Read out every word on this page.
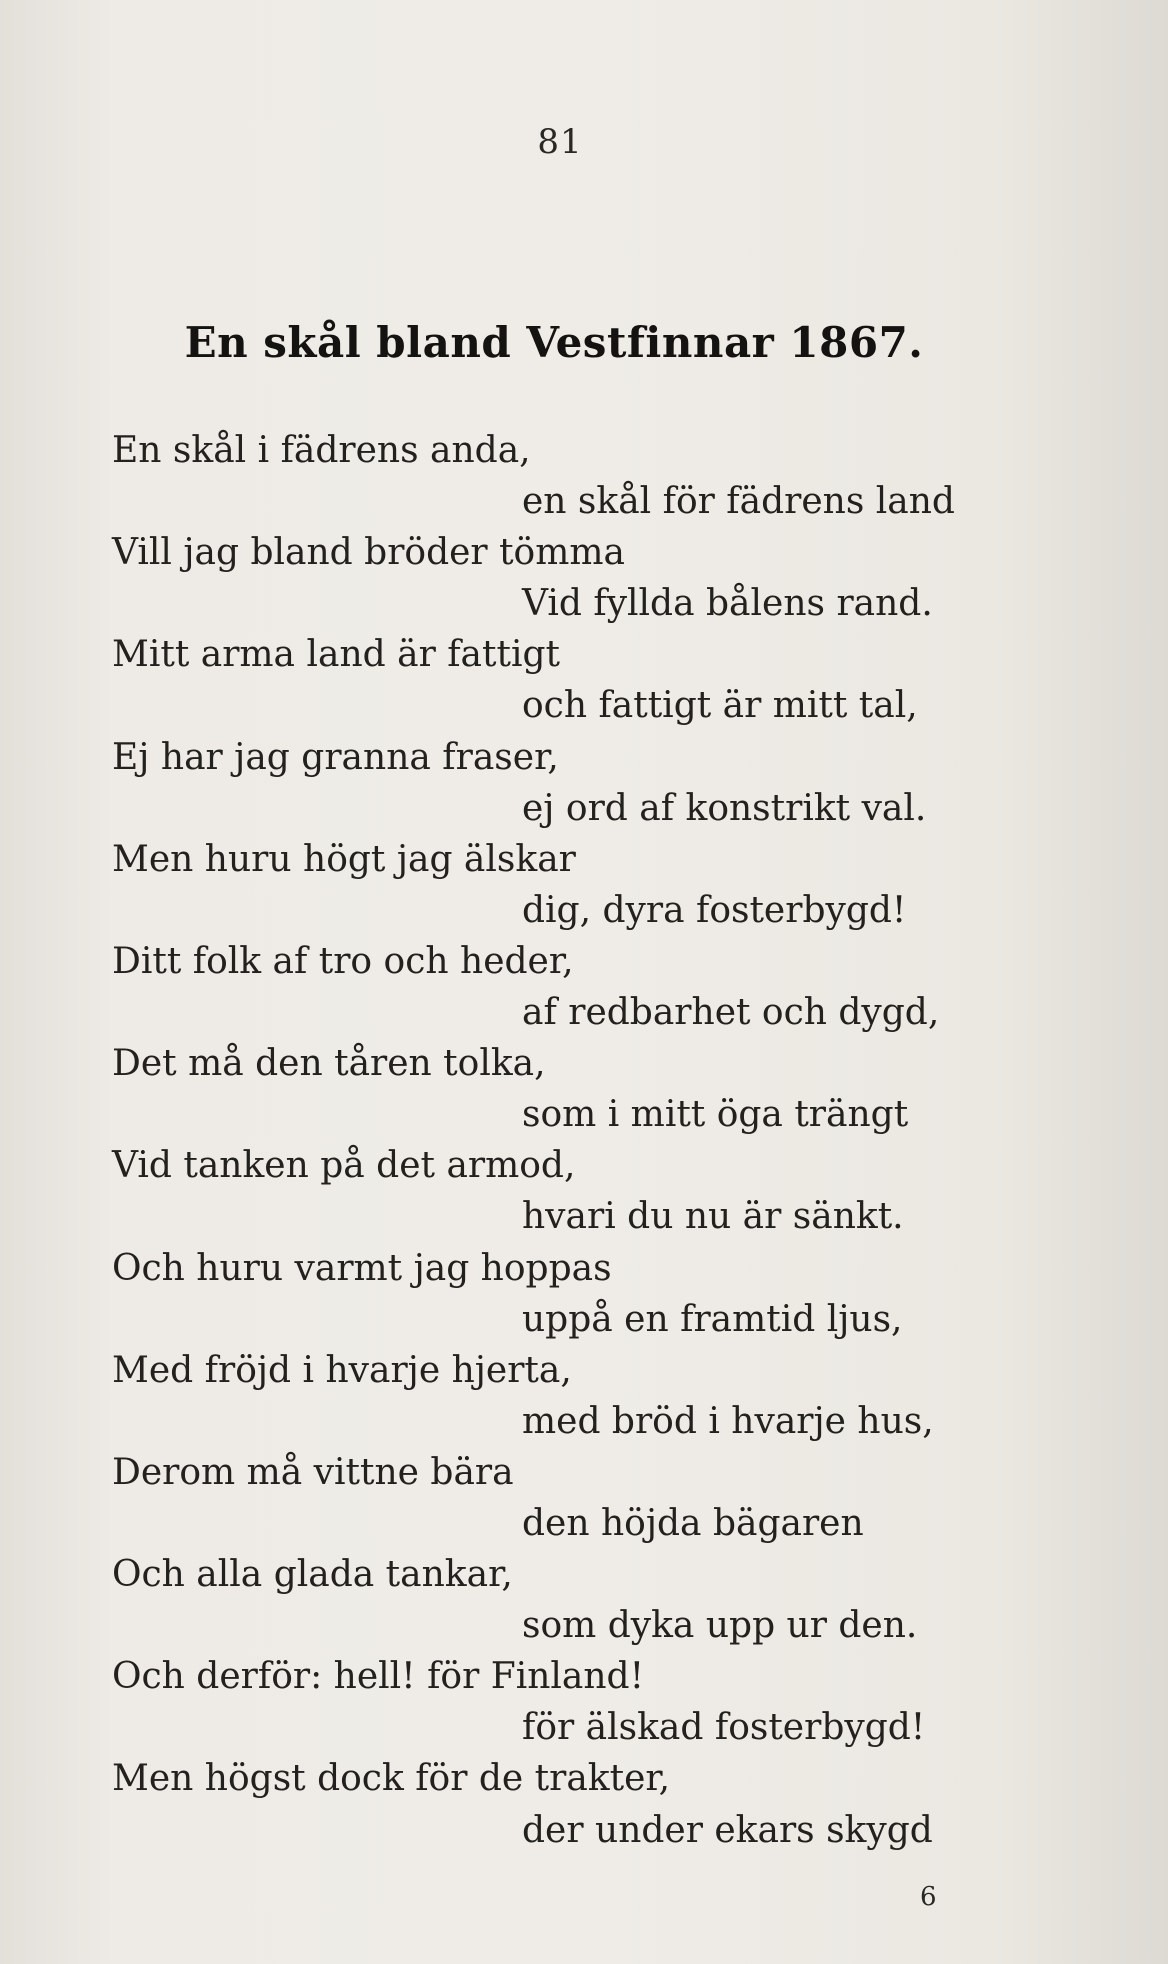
81
En skål bland Vestfinnar 1867.
En skål i fädrens anda,
en skål för fädrens land
Vill jag bland bröder tömma
Vid fyllda bålens rand.
Mitt arma land är fattigt
och fattigt är mitt tal,
Ej har jag granna fraser,
ej ord af konstrikt val.
Men huru högt jag älskar
dig, dyra fosterbygd!
Ditt folk af tro och heder,
af redbarhet och dygd,
Det må den tåren tolka,
som i mitt öga trängt
Vid tanken på det armod,
hvari du nu är sänkt.
Och huru varmt jag hoppas
uppå en framtid ljus,
Med fröjd i hvarje hjerta,
med bröd i hvarje hus,
Derom må vittne bära
den höjda bägaren
Och alla glada tankar,
som dyka upp ur den.
Och derför: hell! för Finland!
för älskad fosterbygd!
Men högst dock för de trakter,
der under ekars skygd
6
